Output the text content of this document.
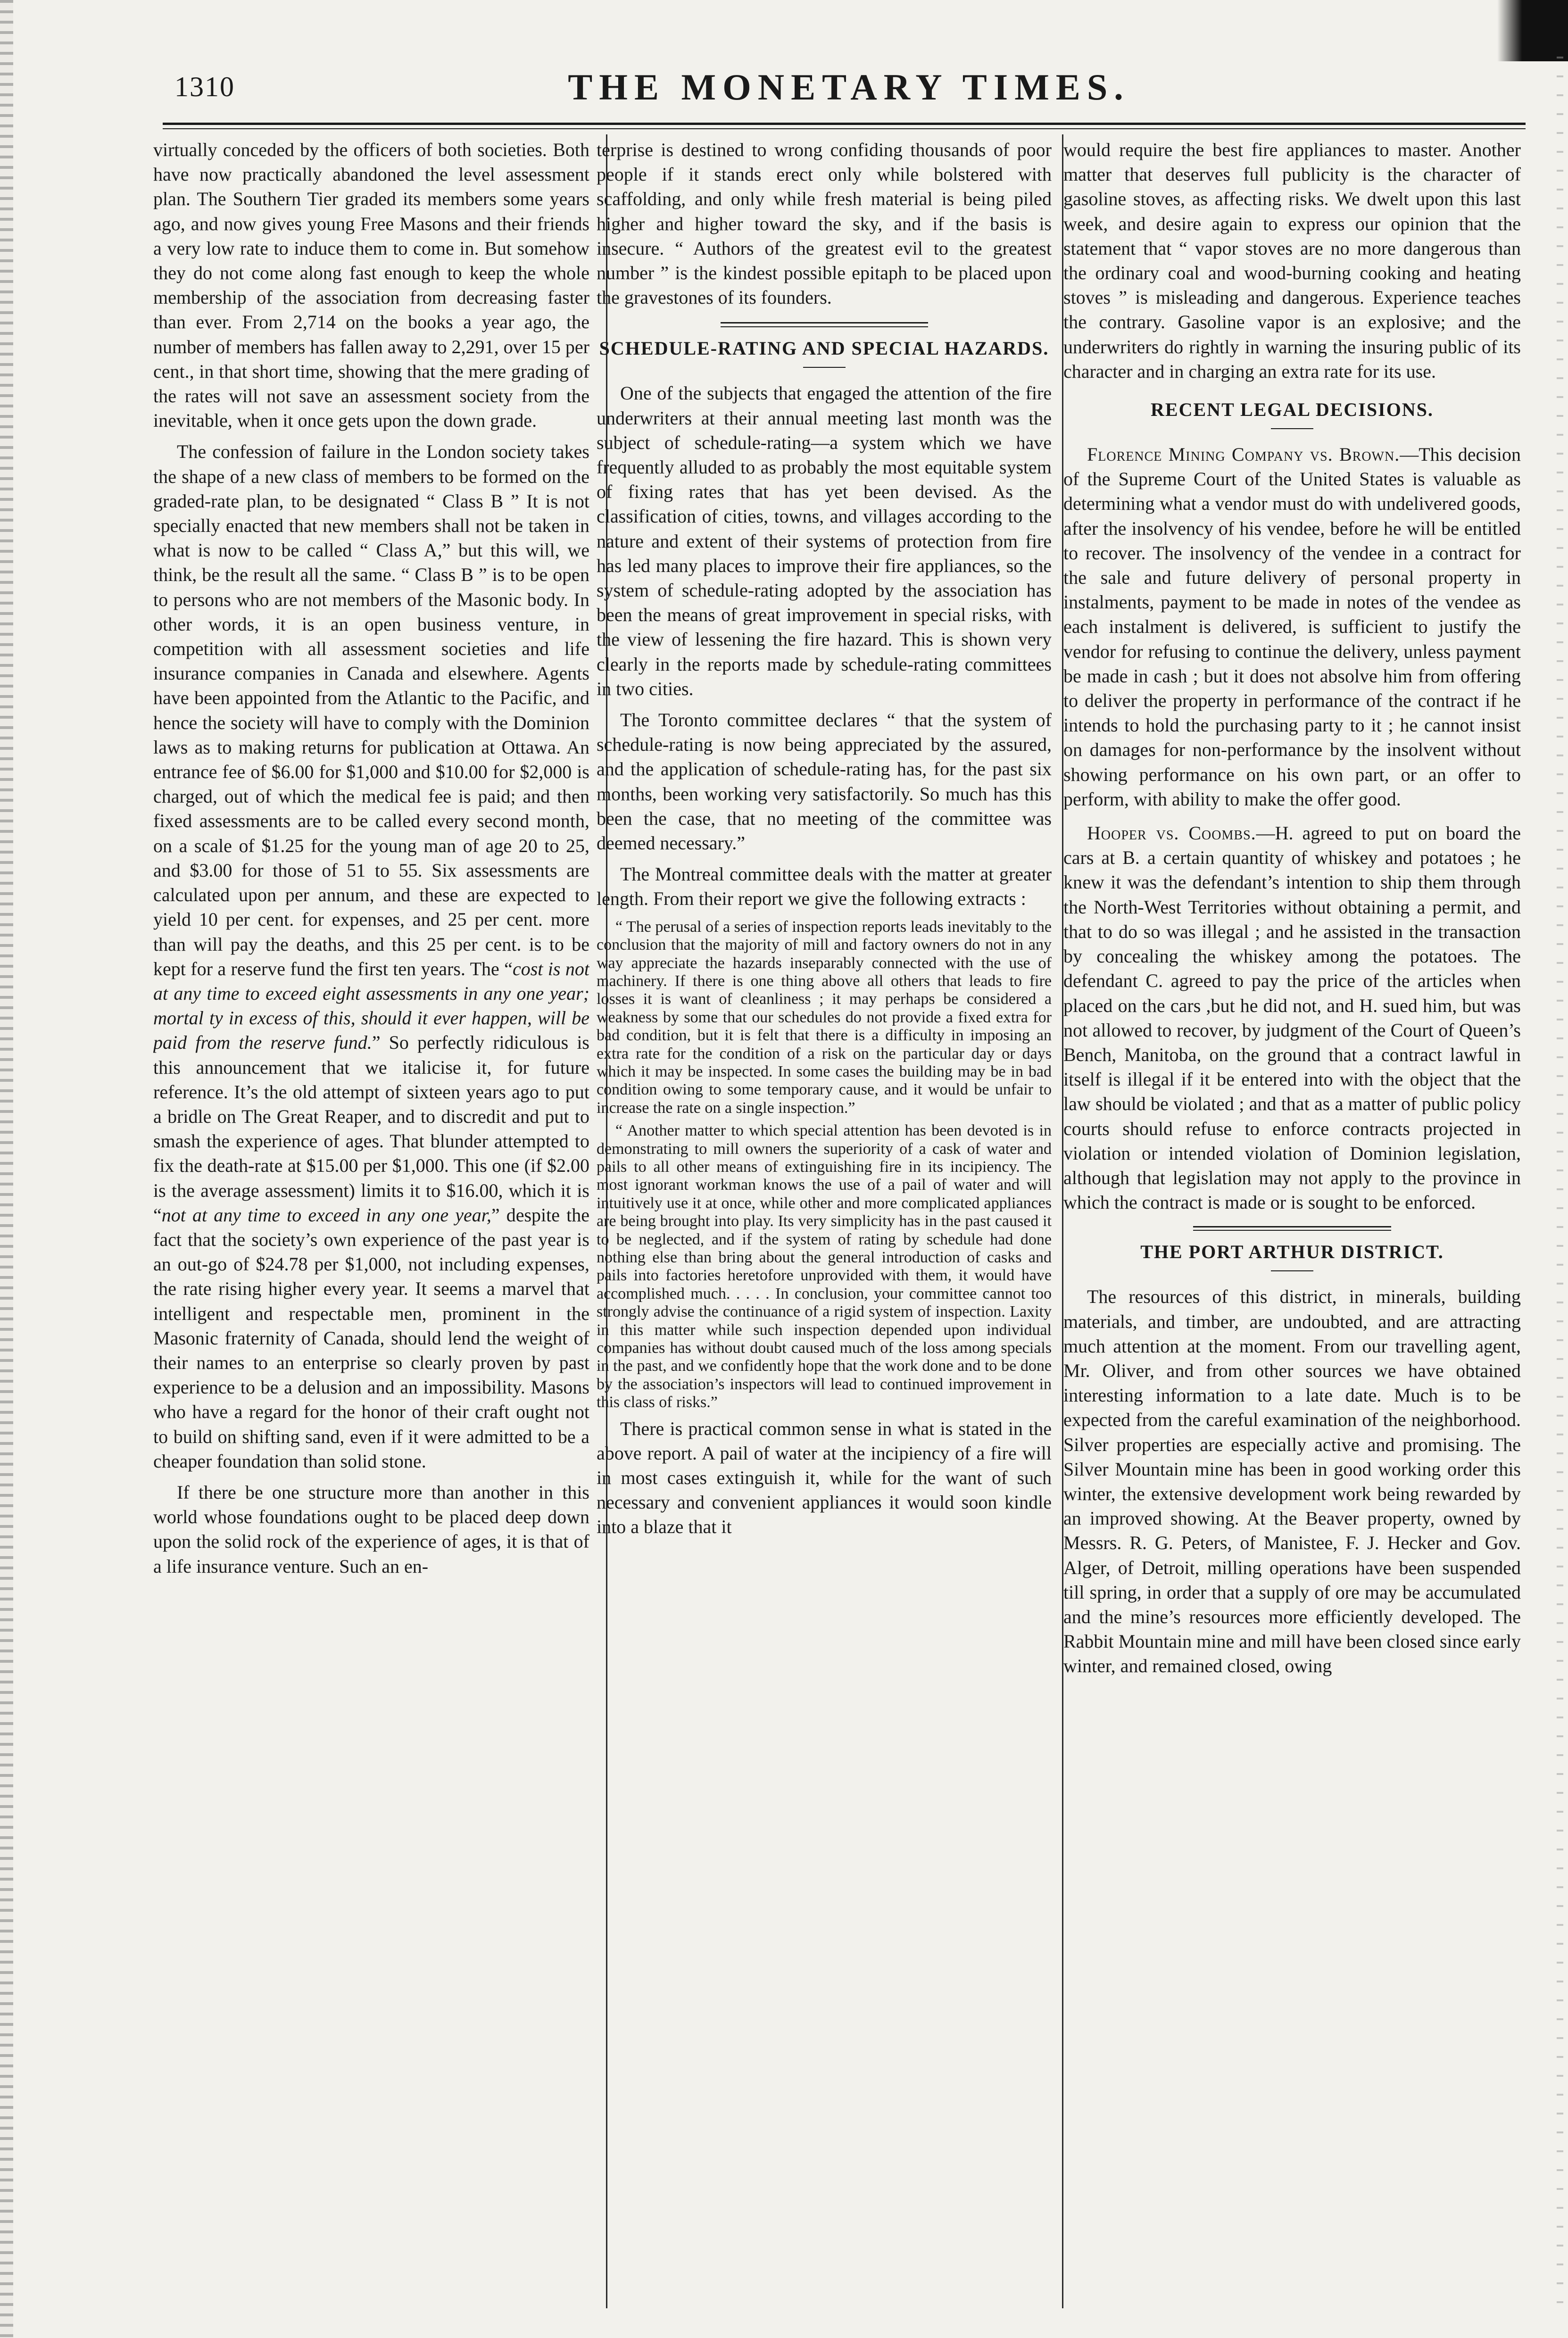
1310	THE MONETARY TIMES.

virtually conceded by the officers of both societies. Both have now practically abandoned the level assessment plan. The Southern Tier graded its members some years ago, and now gives young Free Masons and their friends a very low rate to induce them to come in. But somehow they do not come along fast enough to keep the whole membership of the association from decreasing faster than ever. From 2,714 on the books a year ago, the number of members has fallen away to 2,291, over 15 per cent., in that short time, showing that the mere grading of the rates will not save an assessment society from the inevitable, when it once gets upon the down grade.

The confession of failure in the London society takes the shape of a new class of members to be formed on the graded-rate plan, to be designated “ Class B ” It is not specially enacted that new members shall not be taken in what is now to be called “ Class A,” but this will, we think, be the result all the same. “ Class B ” is to be open to persons who are not members of the Masonic body. In other words, it is an open business venture, in competition with all assessment societies and life insurance companies in Canada and elsewhere. Agents have been appointed from the Atlantic to the Pacific, and hence the society will have to comply with the Dominion laws as to making returns for publication at Ottawa. An entrance fee of $6.00 for $1,000 and $10.00 for $2,000 is charged, out of which the medical fee is paid; and then fixed assessments are to be called every second month, on a scale of $1.25 for the young man of age 20 to 25, and $3.00 for those of 51 to 55. Six assessments are calculated upon per annum, and these are expected to yield 10 per cent. for expenses, and 25 per cent. more than will pay the deaths, and this 25 per cent. is to be kept for a reserve fund the first ten years. The “cost is not at any time to exceed eight assessments in any one year; mortal ty in excess of this, should it ever happen, will be paid from the reserve fund.” So perfectly ridiculous is this announcement that we italicise it, for future reference. It’s the old attempt of sixteen years ago to put a bridle on The Great Reaper, and to discredit and put to smash the experience of ages. That blunder attempted to fix the death-rate at $15.00 per $1,000. This one (if $2.00 is the average assessment) limits it to $16.00, which it is “not at any time to exceed in any one year,” despite the fact that the society’s own experience of the past year is an out-go of $24.78 per $1,000, not including expenses, the rate rising higher every year. It seems a marvel that intelligent and respectable men, prominent in the Masonic fraternity of Canada, should lend the weight of their names to an enterprise so clearly proven by past experience to be a delusion and an impossibility. Masons who have a regard for the honor of their craft ought not to build on shifting sand, even if it were admitted to be a cheaper foundation than solid stone.

If there be one structure more than another in this world whose foundations ought to be placed deep down upon the solid rock of the experience of ages, it is that of a life insurance venture. Such an en-

terprise is destined to wrong confiding thousands of poor people if it stands erect only while bolstered with scaffolding, and only while fresh material is being piled higher and higher toward the sky, and if the basis is insecure. “ Authors of the greatest evil to the greatest number ” is the kindest possible epitaph to be placed upon the gravestones of its founders.

SCHEDULE-RATING AND SPECIAL HAZARDS.

One of the subjects that engaged the attention of the fire underwriters at their annual meeting last month was the subject of schedule-rating—a system which we have frequently alluded to as probably the most equitable system of fixing rates that has yet been devised. As the classification of cities, towns, and villages according to the nature and extent of their systems of protection from fire has led many places to improve their fire appliances, so the system of schedule-rating adopted by the association has been the means of great improvement in special risks, with the view of lessening the fire hazard. This is shown very clearly in the reports made by schedule-rating committees in two cities.

The Toronto committee declares “ that the system of schedule-rating is now being appreciated by the assured, and the application of schedule-rating has, for the past six months, been working very satisfactorily. So much has this been the case, that no meeting of the committee was deemed necessary.”

The Montreal committee deals with the matter at greater length. From their report we give the following extracts :

“ The perusal of a series of inspection reports leads inevitably to the conclusion that the majority of mill and factory owners do not in any way appreciate the hazards inseparably connected with the use of machinery. If there is one thing above all others that leads to fire losses it is want of cleanliness ; it may perhaps be considered a weakness by some that our schedules do not provide a fixed extra for bad condition, but it is felt that there is a difficulty in imposing an extra rate for the condition of a risk on the particular day or days which it may be inspected. In some cases the building may be in bad condition owing to some temporary cause, and it would be unfair to increase the rate on a single inspection.”

“ Another matter to which special attention has been devoted is in demonstrating to mill owners the superiority of a cask of water and pails to all other means of extinguishing fire in its incipiency. The most ignorant workman knows the use of a pail of water and will intuitively use it at once, while other and more complicated appliances are being brought into play. Its very simplicity has in the past caused it to be neglected, and if the system of rating by schedule had done nothing else than bring about the general introduction of casks and pails into factories heretofore unprovided with them, it would have accomplished much. . . . . In conclusion, your committee cannot too strongly advise the continuance of a rigid system of inspection. Laxity in this matter while such inspection depended upon individual companies has without doubt caused much of the loss among specials in the past, and we confidently hope that the work done and to be done by the association’s inspectors will lead to continued improvement in this class of risks.”

There is practical common sense in what is stated in the above report. A pail of water at the incipiency of a fire will in most cases extinguish it, while for the want of such necessary and convenient appliances it would soon kindle into a blaze that it

would require the best fire appliances to master. Another matter that deserves full publicity is the character of gasoline stoves, as affecting risks. We dwelt upon this last week, and desire again to express our opinion that the statement that “ vapor stoves are no more dangerous than the ordinary coal and wood-burning cooking and heating stoves ” is misleading and dangerous. Experience teaches the contrary. Gasoline vapor is an explosive; and the underwriters do rightly in warning the insuring public of its character and in charging an extra rate for its use.

RECENT LEGAL DECISIONS.

Florence Mining Company vs. Brown.—This decision of the Supreme Court of the United States is valuable as determining what a vendor must do with undelivered goods, after the insolvency of his vendee, before he will be entitled to recover. The insolvency of the vendee in a contract for the sale and future delivery of personal property in instalments, payment to be made in notes of the vendee as each instalment is delivered, is sufficient to justify the vendor for refusing to continue the delivery, unless payment be made in cash ; but it does not absolve him from offering to deliver the property in performance of the contract if he intends to hold the purchasing party to it ; he cannot insist on damages for non-performance by the insolvent without showing performance on his own part, or an offer to perform, with ability to make the offer good.

Hooper vs. Coombs.—H. agreed to put on board the cars at B. a certain quantity of whiskey and potatoes ; he knew it was the defendant’s intention to ship them through the North-West Territories without obtaining a permit, and that to do so was illegal ; and he assisted in the transaction by concealing the whiskey among the potatoes. The defendant C. agreed to pay the price of the articles when placed on the cars ,but he did not, and H. sued him, but was not allowed to recover, by judgment of the Court of Queen’s Bench, Manitoba, on the ground that a contract lawful in itself is illegal if it be entered into with the object that the law should be violated ; and that as a matter of public policy courts should refuse to enforce contracts projected in violation or intended violation of Dominion legislation, although that legislation may not apply to the province in which the contract is made or is sought to be enforced.

THE PORT ARTHUR DISTRICT.

The resources of this district, in minerals, building materials, and timber, are undoubted, and are attracting much attention at the moment. From our travelling agent, Mr. Oliver, and from other sources we have obtained interesting information to a late date. Much is to be expected from the careful examination of the neighborhood. Silver properties are especially active and promising. The Silver Mountain mine has been in good working order this winter, the extensive development work being rewarded by an improved showing. At the Beaver property, owned by Messrs. R. G. Peters, of Manistee, F. J. Hecker and Gov. Alger, of Detroit, milling operations have been suspended till spring, in order that a supply of ore may be accumulated and the mine’s resources more efficiently developed. The Rabbit Mountain mine and mill have been closed since early winter, and remained closed, owing
